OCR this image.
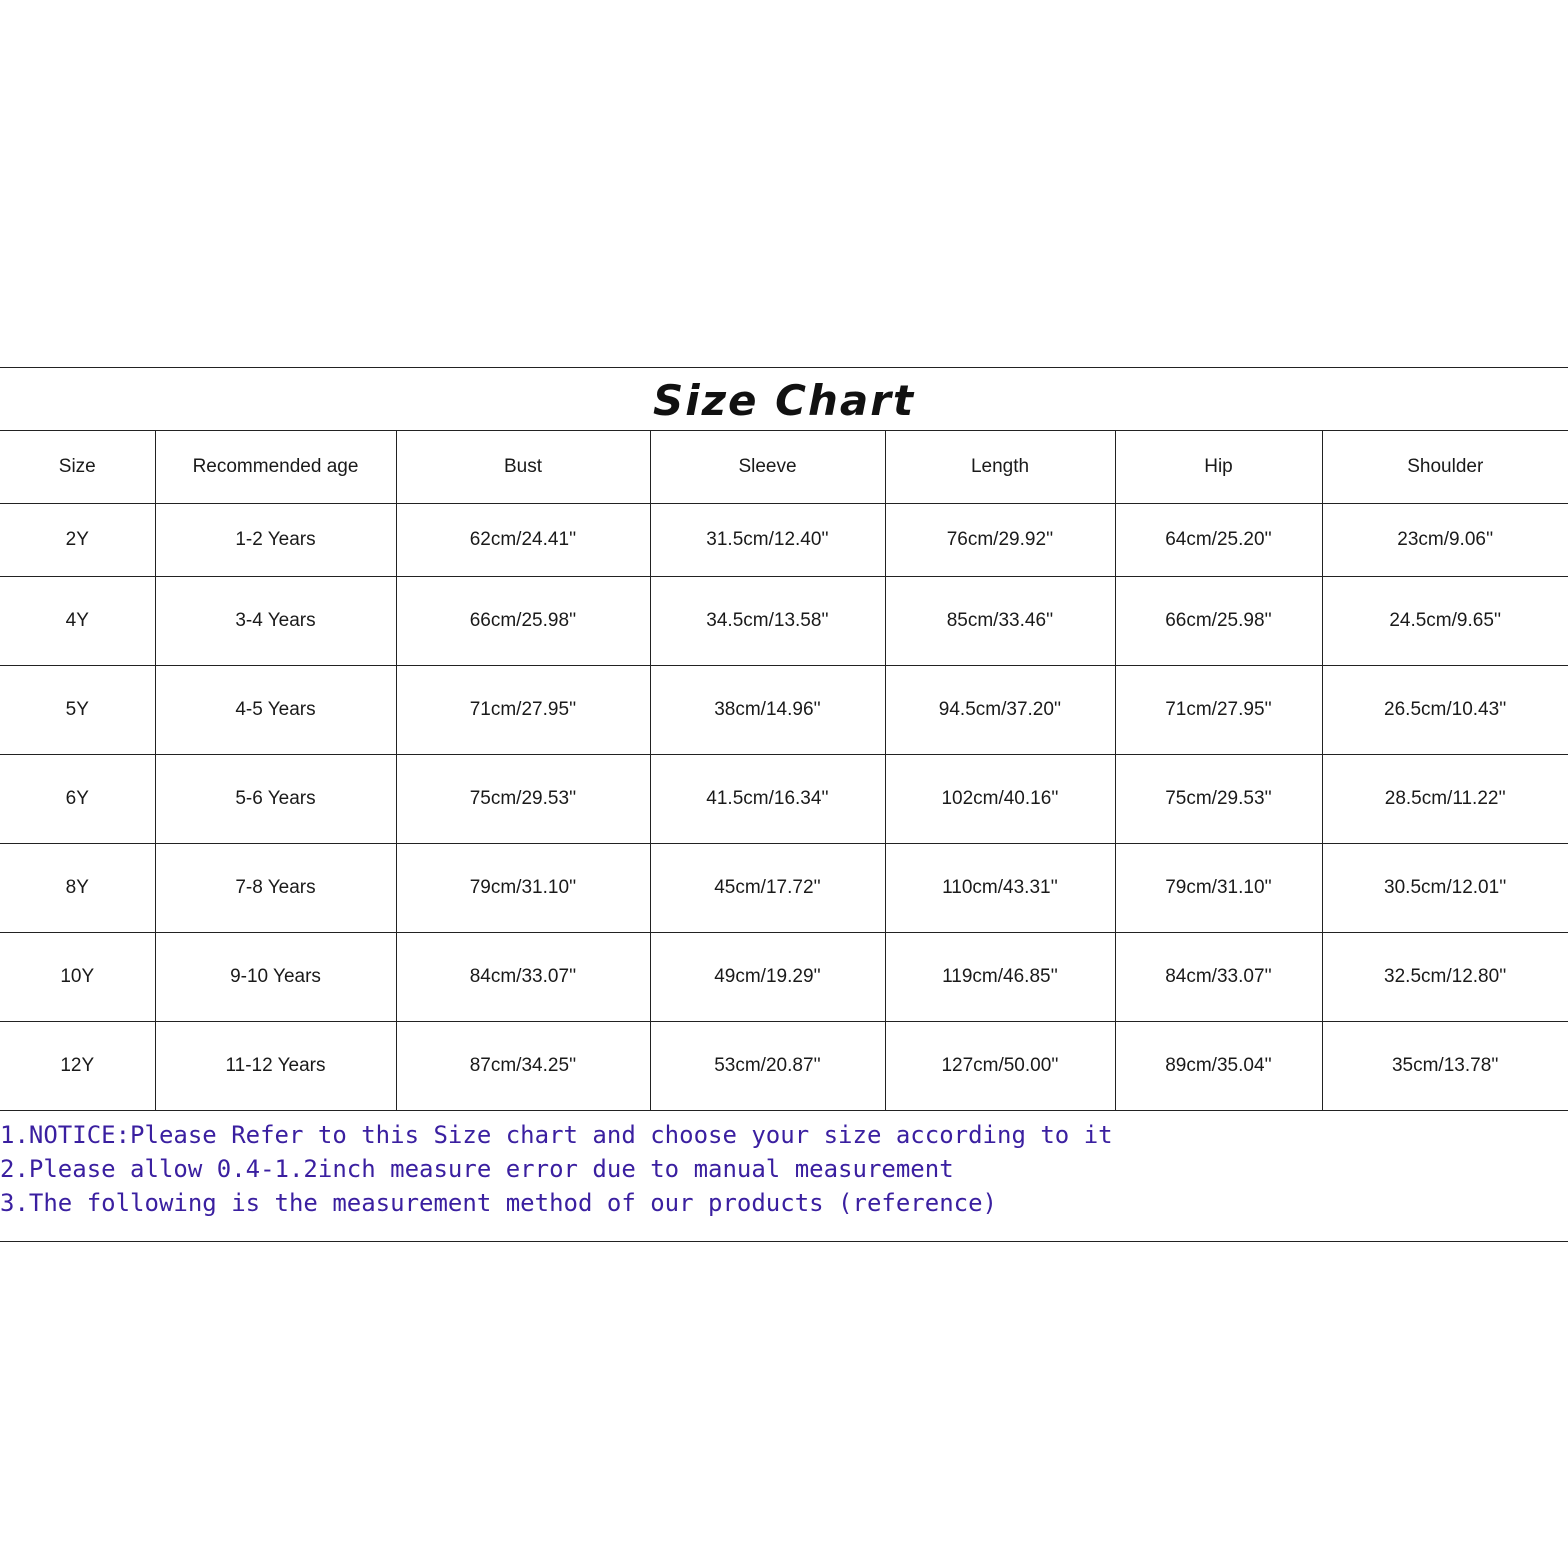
Size Chart
Size	Recommended age	Bust	Sleeve	Length	Hip	Shoulder
2Y	1-2 Years	62cm/24.41''	31.5cm/12.40''	76cm/29.92''	64cm/25.20''	23cm/9.06''
4Y	3-4 Years	66cm/25.98''	34.5cm/13.58''	85cm/33.46''	66cm/25.98''	24.5cm/9.65''
5Y	4-5 Years	71cm/27.95''	38cm/14.96''	94.5cm/37.20''	71cm/27.95''	26.5cm/10.43''
6Y	5-6 Years	75cm/29.53''	41.5cm/16.34''	102cm/40.16''	75cm/29.53''	28.5cm/11.22''
8Y	7-8 Years	79cm/31.10''	45cm/17.72''	110cm/43.31''	79cm/31.10''	30.5cm/12.01''
10Y	9-10 Years	84cm/33.07''	49cm/19.29''	119cm/46.85''	84cm/33.07''	32.5cm/12.80''
12Y	11-12 Years	87cm/34.25''	53cm/20.87''	127cm/50.00''	89cm/35.04''	35cm/13.78''
1.NOTICE:Please Refer to this Size chart and choose your size according to it
2.Please allow 0.4-1.2inch measure error due to manual measurement
3.The following is the measurement method of our products (reference)
